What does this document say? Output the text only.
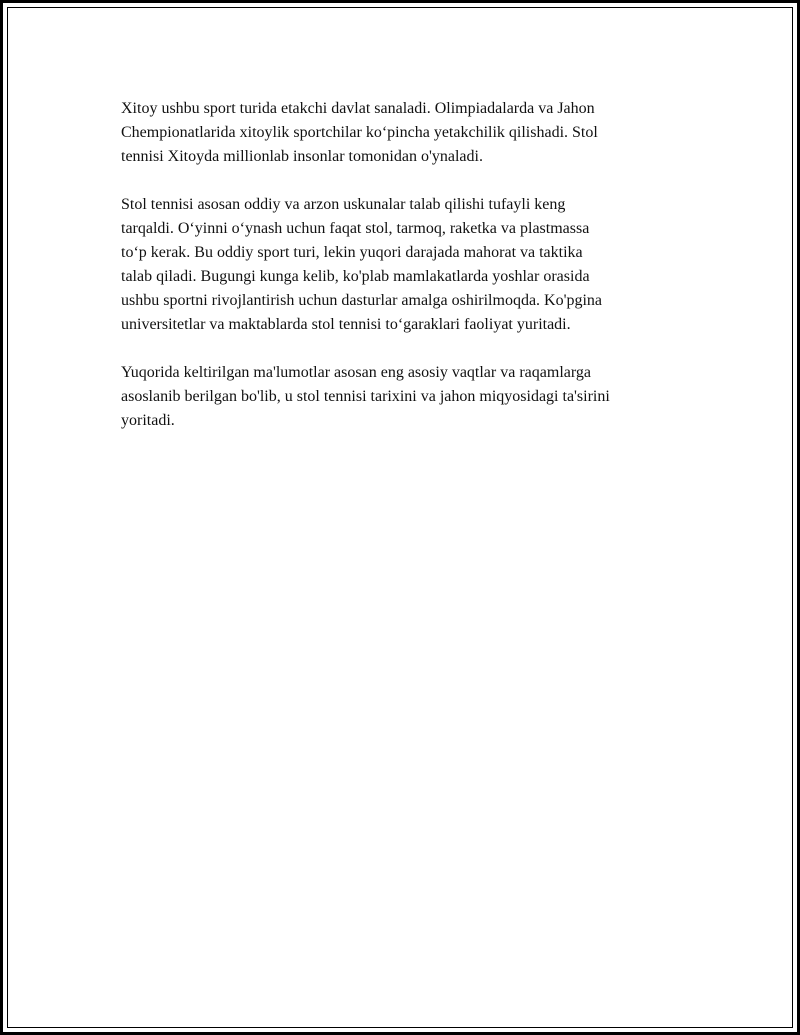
Xitoy ushbu sport turida etakchi davlat sanaladi. Olimpiadalarda va Jahon
Chempionatlarida xitoylik sportchilar koʻpincha yetakchilik qilishadi. Stol
tennisi Xitoyda millionlab insonlar tomonidan o'ynaladi.

Stol tennisi asosan oddiy va arzon uskunalar talab qilishi tufayli keng
tarqaldi. Oʻyinni oʻynash uchun faqat stol, tarmoq, raketka va plastmassa
toʻp kerak. Bu oddiy sport turi, lekin yuqori darajada mahorat va taktika
talab qiladi. Bugungi kunga kelib, ko'plab mamlakatlarda yoshlar orasida
ushbu sportni rivojlantirish uchun dasturlar amalga oshirilmoqda. Ko'pgina
universitetlar va maktablarda stol tennisi toʻgaraklari faoliyat yuritadi.

Yuqorida keltirilgan ma'lumotlar asosan eng asosiy vaqtlar va raqamlarga
asoslanib berilgan bo'lib, u stol tennisi tarixini va jahon miqyosidagi ta'sirini
yoritadi.
